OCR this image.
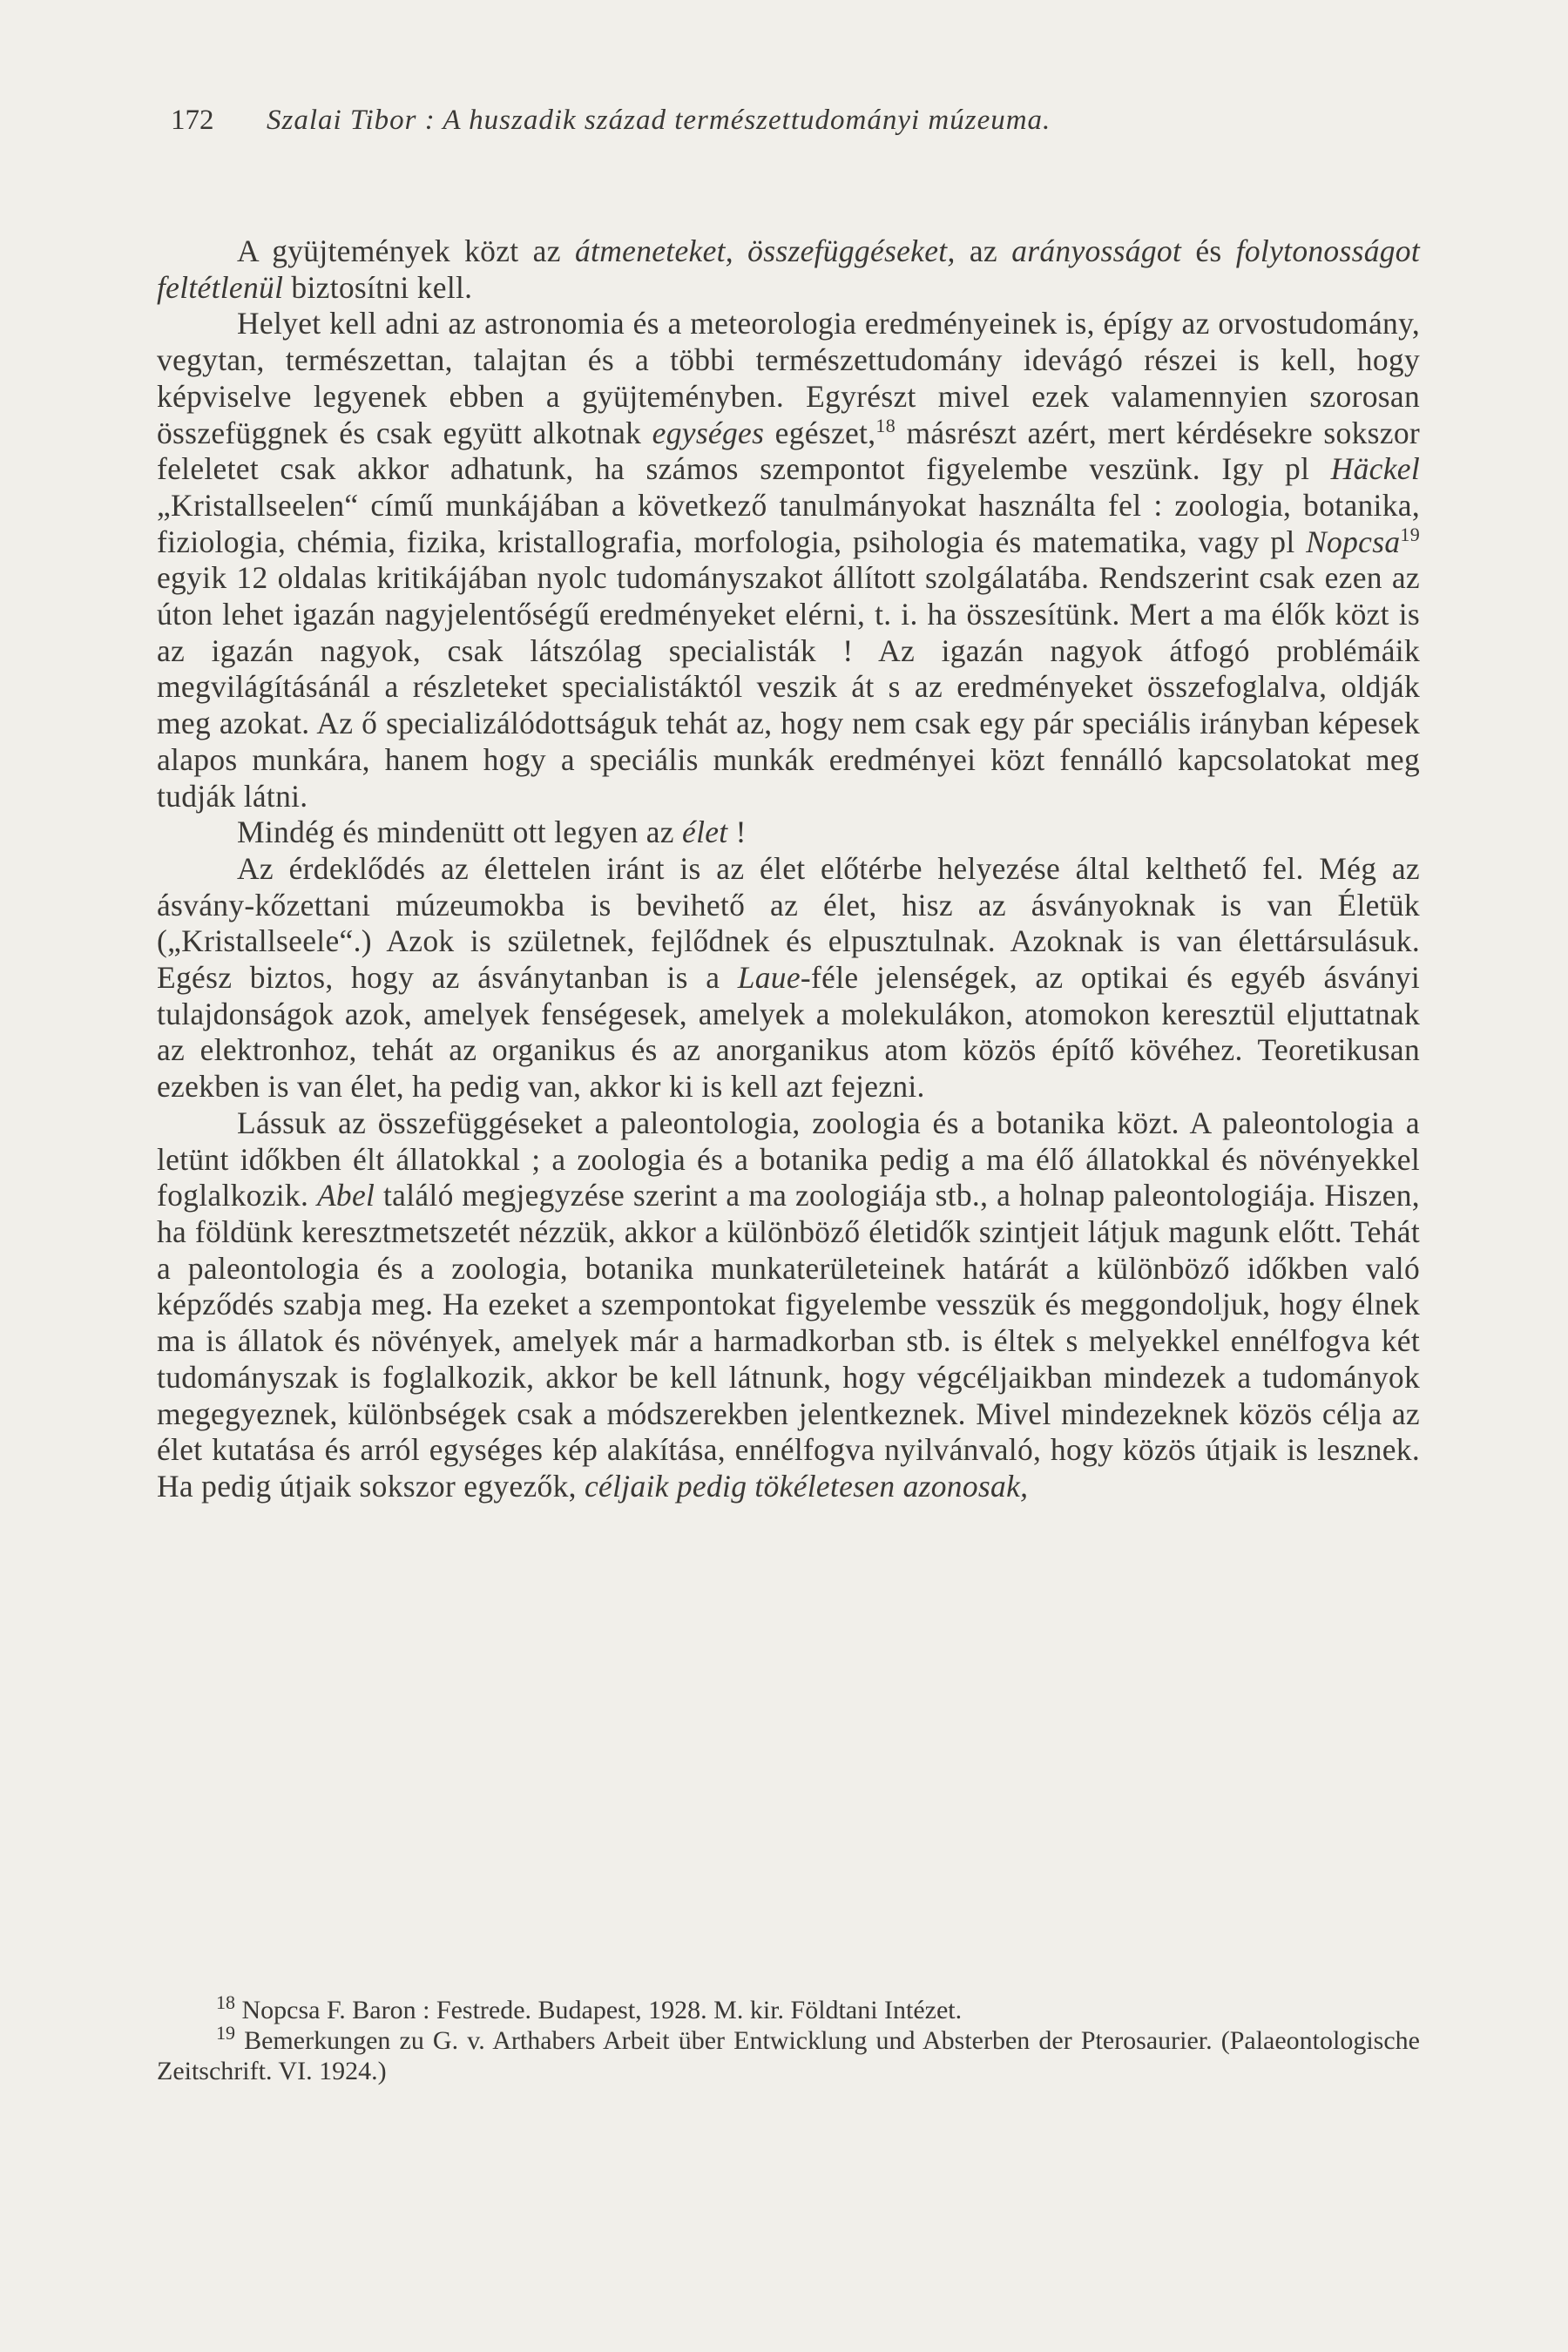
172 Szalai Tibor : A huszadik század természettudományi múzeuma.

A gyüjtemények közt az átmeneteket, összefüggéseket, az arányosságot és folytonosságot feltétlenül biztosítni kell.

Helyet kell adni az astronomia és a meteorologia eredményeinek is, épígy az orvostudomány, vegytan, természettan, talajtan és a többi természettudomány idevágó részei is kell, hogy képviselve legyenek ebben a gyüjteményben. Egyrészt mivel ezek valamennyien szorosan összefüggnek és csak együtt alkotnak egységes egészet,$^{18}$ másrészt azért, mert kérdésekre sokszor feleletet csak akkor adhatunk, ha számos szempontot figyelembe veszünk. Igy pl Häckel „Kristallseelen“ című munkájában a következő tanulmányokat használta fel : zoologia, botanika, fiziologia, chémia, fizika, kristallografia, morfologia, psihologia és matematika, vagy pl Nopcsa$^{19}$ egyik 12 oldalas kritikájában nyolc tudományszakot állított szolgálatába. Rendszerint csak ezen az úton lehet igazán nagyjelentőségű eredményeket elérni, t. i. ha összesítünk. Mert a ma élők közt is az igazán nagyok, csak látszólag specialisták ! Az igazán nagyok átfogó problémáik megvilágításánál a részleteket specialistáktól veszik át s az eredményeket összefoglalva, oldják meg azokat. Az ő specializálódottságuk tehát az, hogy nem csak egy pár speciális irányban képesek alapos munkára, hanem hogy a speciális munkák eredményei közt fennálló kapcsolatokat meg tudják látni.

Mindég és mindenütt ott legyen az élet !

Az érdeklődés az élettelen iránt is az élet előtérbe helyezése által kelthető fel. Még az ásvány-kőzettani múzeumokba is bevihető az élet, hisz az ásványoknak is van Életük („Kristallseele“.) Azok is születnek, fejlődnek és elpusztulnak. Azoknak is van élettársulásuk. Egész biztos, hogy az ásványtanban is a Laue-féle jelenségek, az optikai és egyéb ásványi tulajdonságok azok, amelyek fenségesek, amelyek a molekulákon, atomokon keresztül eljuttatnak az elektronhoz, tehát az organikus és az anorganikus atom közös építő kövéhez. Teoretikusan ezekben is van élet, ha pedig van, akkor ki is kell azt fejezni.

Lássuk az összefüggéseket a paleontologia, zoologia és a botanika közt. A paleontologia a letünt időkben élt állatokkal ; a zoologia és a botanika pedig a ma élő állatokkal és növényekkel foglalkozik. Abel találó megjegyzése szerint a ma zoologiája stb., a holnap paleontologiája. Hiszen, ha földünk keresztmetszetét nézzük, akkor a különböző életidők szintjeit látjuk magunk előtt. Tehát a paleontologia és a zoologia, botanika munkaterületeinek határát a különböző időkben való képződés szabja meg. Ha ezeket a szempontokat figyelembe vesszük és meggondoljuk, hogy élnek ma is állatok és növények, amelyek már a harmadkorban stb. is éltek s melyekkel ennélfogva két tudományszak is foglalkozik, akkor be kell látnunk, hogy végcéljaikban mindezek a tudományok megegyeznek, különbségek csak a módszerekben jelentkeznek. Mivel mindezeknek közös célja az élet kutatása és arról egységes kép alakítása, ennélfogva nyilvánvaló, hogy közös útjaik is lesznek. Ha pedig útjaik sokszor egyezők, céljaik pedig tökéletesen azonosak,

$^{18}$ Nopcsa F. Baron : Festrede. Budapest, 1928. M. kir. Földtani Intézet.

$^{19}$ Bemerkungen zu G. v. Arthabers Arbeit über Entwicklung und Absterben der Pterosaurier. (Palaeontologische Zeitschrift. VI. 1924.)
